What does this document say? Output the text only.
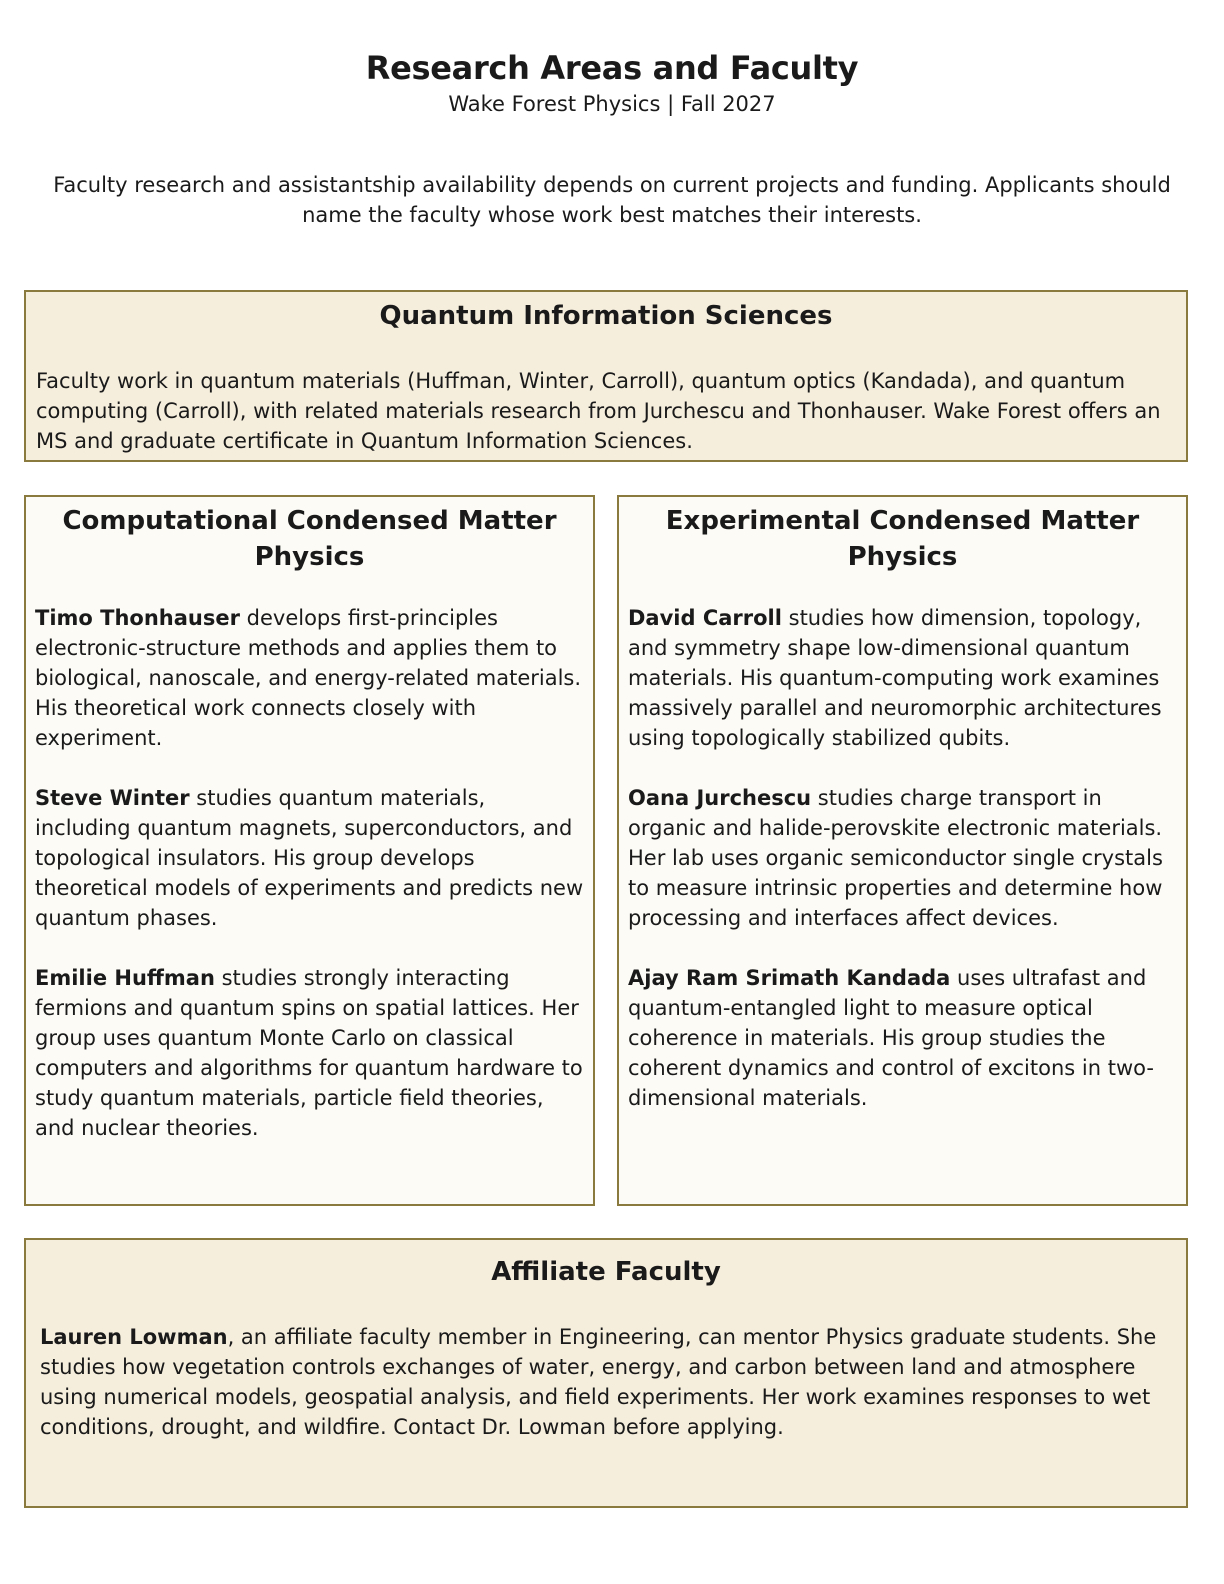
Research Areas and Faculty

Wake Forest Physics | Fall 2027

Faculty research and assistantship availability depends on current projects and funding. Applicants should name the faculty whose work best matches their interests.

Quantum Information Sciences

Faculty work in quantum materials (Huffman, Winter, Carroll), quantum optics (Kandada), and quantum computing (Carroll), with related materials research from Jurchescu and Thonhauser. Wake Forest offers an MS and graduate certificate in Quantum Information Sciences.

Computational Condensed Matter Physics

Timo Thonhauser develops first-principles electronic-structure methods and applies them to biological, nanoscale, and energy-related materials. His theoretical work connects closely with experiment.

Steve Winter studies quantum materials, including quantum magnets, superconductors, and topological insulators. His group develops theoretical models of experiments and predicts new quantum phases.

Emilie Huffman studies strongly interacting fermions and quantum spins on spatial lattices. Her group uses quantum Monte Carlo on classical computers and algorithms for quantum hardware to study quantum materials, particle field theories, and nuclear theories.

Experimental Condensed Matter Physics

David Carroll studies how dimension, topology, and symmetry shape low-dimensional quantum materials. His quantum-computing work examines massively parallel and neuromorphic architectures using topologically stabilized qubits.

Oana Jurchescu studies charge transport in organic and halide-perovskite electronic materials. Her lab uses organic semiconductor single crystals to measure intrinsic properties and determine how processing and interfaces affect devices.

Ajay Ram Srimath Kandada uses ultrafast and quantum-entangled light to measure optical coherence in materials. His group studies the coherent dynamics and control of excitons in two-dimensional materials.

Affiliate Faculty

Lauren Lowman, an affiliate faculty member in Engineering, can mentor Physics graduate students. She studies how vegetation controls exchanges of water, energy, and carbon between land and atmosphere using numerical models, geospatial analysis, and field experiments. Her work examines responses to wet conditions, drought, and wildfire. Contact Dr. Lowman before applying.
